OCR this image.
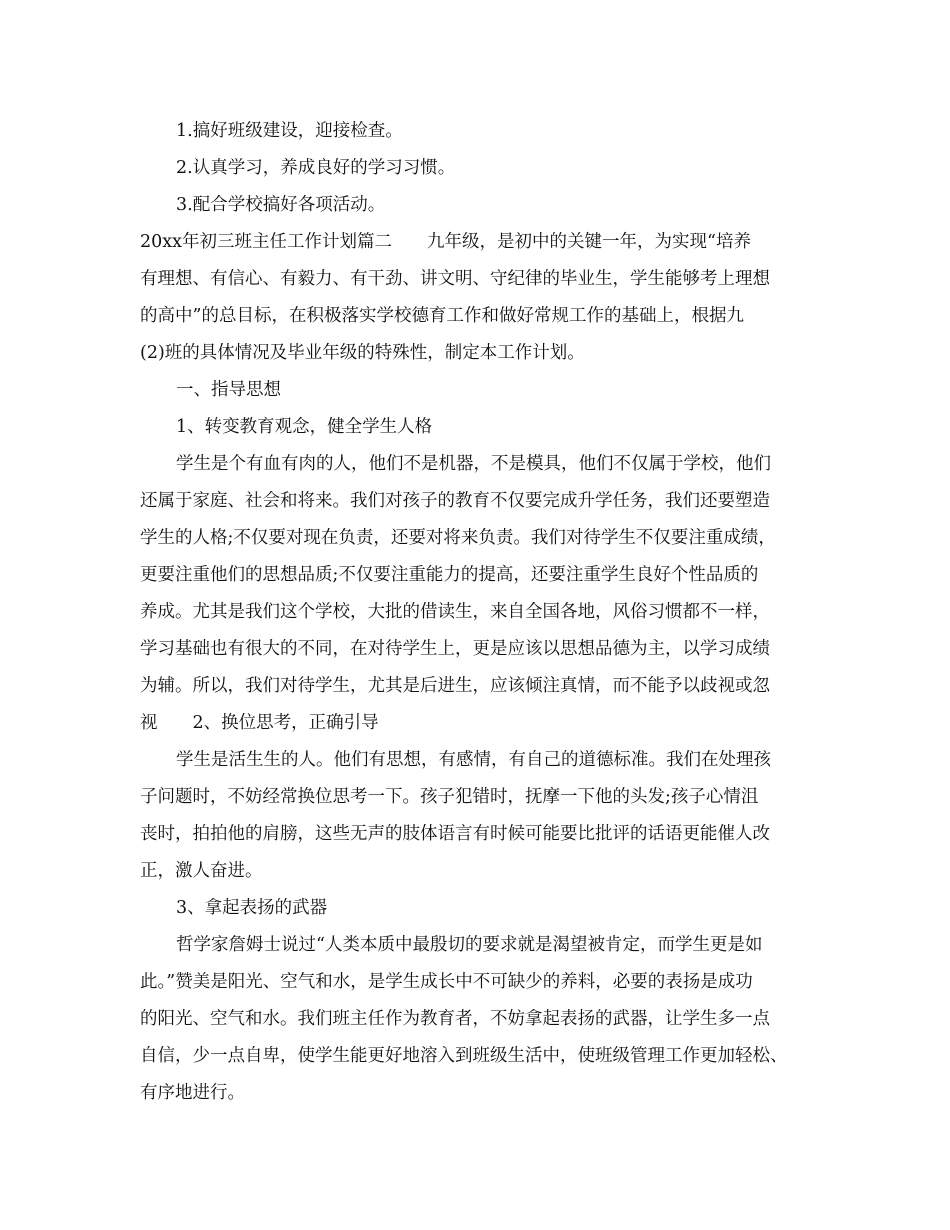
1.搞好班级建设，迎接检查。
2.认真学习，养成良好的学习习惯。
3.配合学校搞好各项活动。
20xx年初三班主任工作计划篇二　　九年级，是初中的关键一年，为实现“培养
有理想、有信心、有毅力、有干劲、讲文明、守纪律的毕业生，学生能够考上理想
的高中”的总目标，在积极落实学校德育工作和做好常规工作的基础上，根据九
(2)班的具体情况及毕业年级的特殊性，制定本工作计划。
一、指导思想
1、转变教育观念，健全学生人格
学生是个有血有肉的人，他们不是机器，不是模具，他们不仅属于学校，他们
还属于家庭、社会和将来。我们对孩子的教育不仅要完成升学任务，我们还要塑造
学生的人格;不仅要对现在负责，还要对将来负责。我们对待学生不仅要注重成绩，
更要注重他们的思想品质;不仅要注重能力的提高，还要注重学生良好个性品质的
养成。尤其是我们这个学校，大批的借读生，来自全国各地，风俗习惯都不一样，
学习基础也有很大的不同，在对待学生上，更是应该以思想品德为主，以学习成绩
为辅。所以，我们对待学生，尤其是后进生，应该倾注真情，而不能予以歧视或忽
视　　2、换位思考，正确引导
学生是活生生的人。他们有思想，有感情，有自己的道德标准。我们在处理孩
子问题时，不妨经常换位思考一下。孩子犯错时，抚摩一下他的头发;孩子心情沮
丧时，拍拍他的肩膀，这些无声的肢体语言有时候可能要比批评的话语更能催人改
正，激人奋进。
3、拿起表扬的武器
哲学家詹姆士说过“人类本质中最殷切的要求就是渴望被肯定，而学生更是如
此。”赞美是阳光、空气和水，是学生成长中不可缺少的养料，必要的表扬是成功
的阳光、空气和水。我们班主任作为教育者，不妨拿起表扬的武器，让学生多一点
自信，少一点自卑，使学生能更好地溶入到班级生活中，使班级管理工作更加轻松、
有序地进行。
